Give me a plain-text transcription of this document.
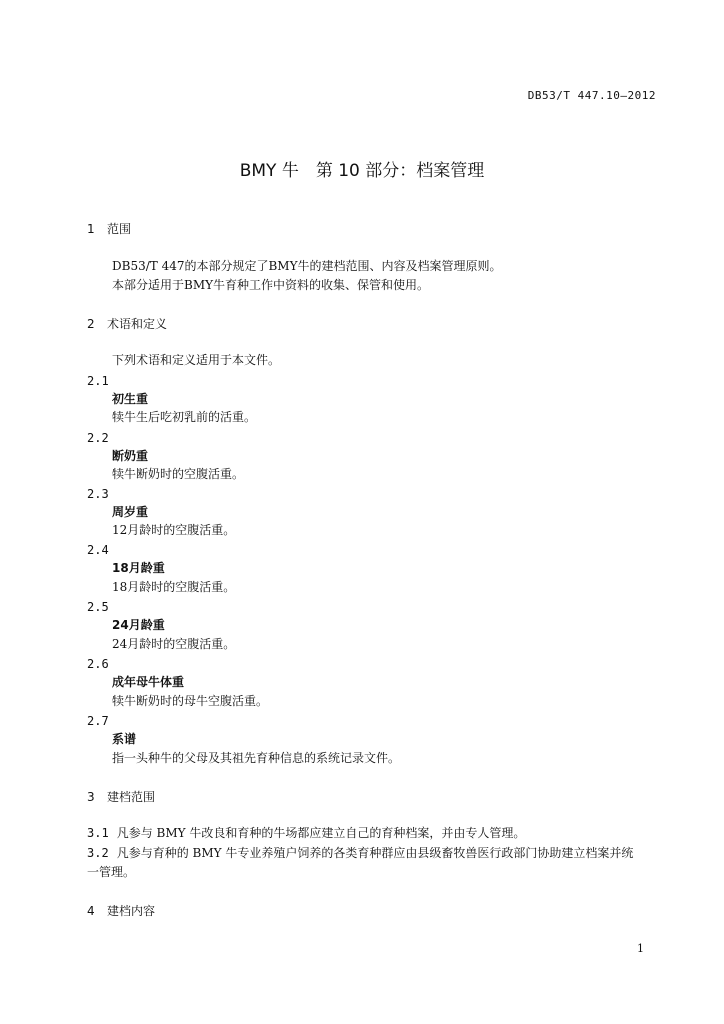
DB53/T 447.10—2012
BMY 牛　第 10 部分：档案管理
1 范围
DB53/T 447的本部分规定了BMY牛的建档范围、内容及档案管理原则。
本部分适用于BMY牛育种工作中资料的收集、保管和使用。
2 术语和定义
下列术语和定义适用于本文件。
2.1
初生重
犊牛生后吃初乳前的活重。
2.2
断奶重
犊牛断奶时的空腹活重。
2.3
周岁重
12月龄时的空腹活重。
2.4
18月龄重
18月龄时的空腹活重。
2.5
24月龄重
24月龄时的空腹活重。
2.6
成年母牛体重
犊牛断奶时的母牛空腹活重。
2.7
系谱
指一头种牛的父母及其祖先育种信息的系统记录文件。
3 建档范围
3.1 凡参与 BMY 牛改良和育种的牛场都应建立自己的育种档案，并由专人管理。
3.2 凡参与育种的 BMY 牛专业养殖户饲养的各类育种群应由县级畜牧兽医行政部门协助建立档案并统
一管理。
4 建档内容
1
